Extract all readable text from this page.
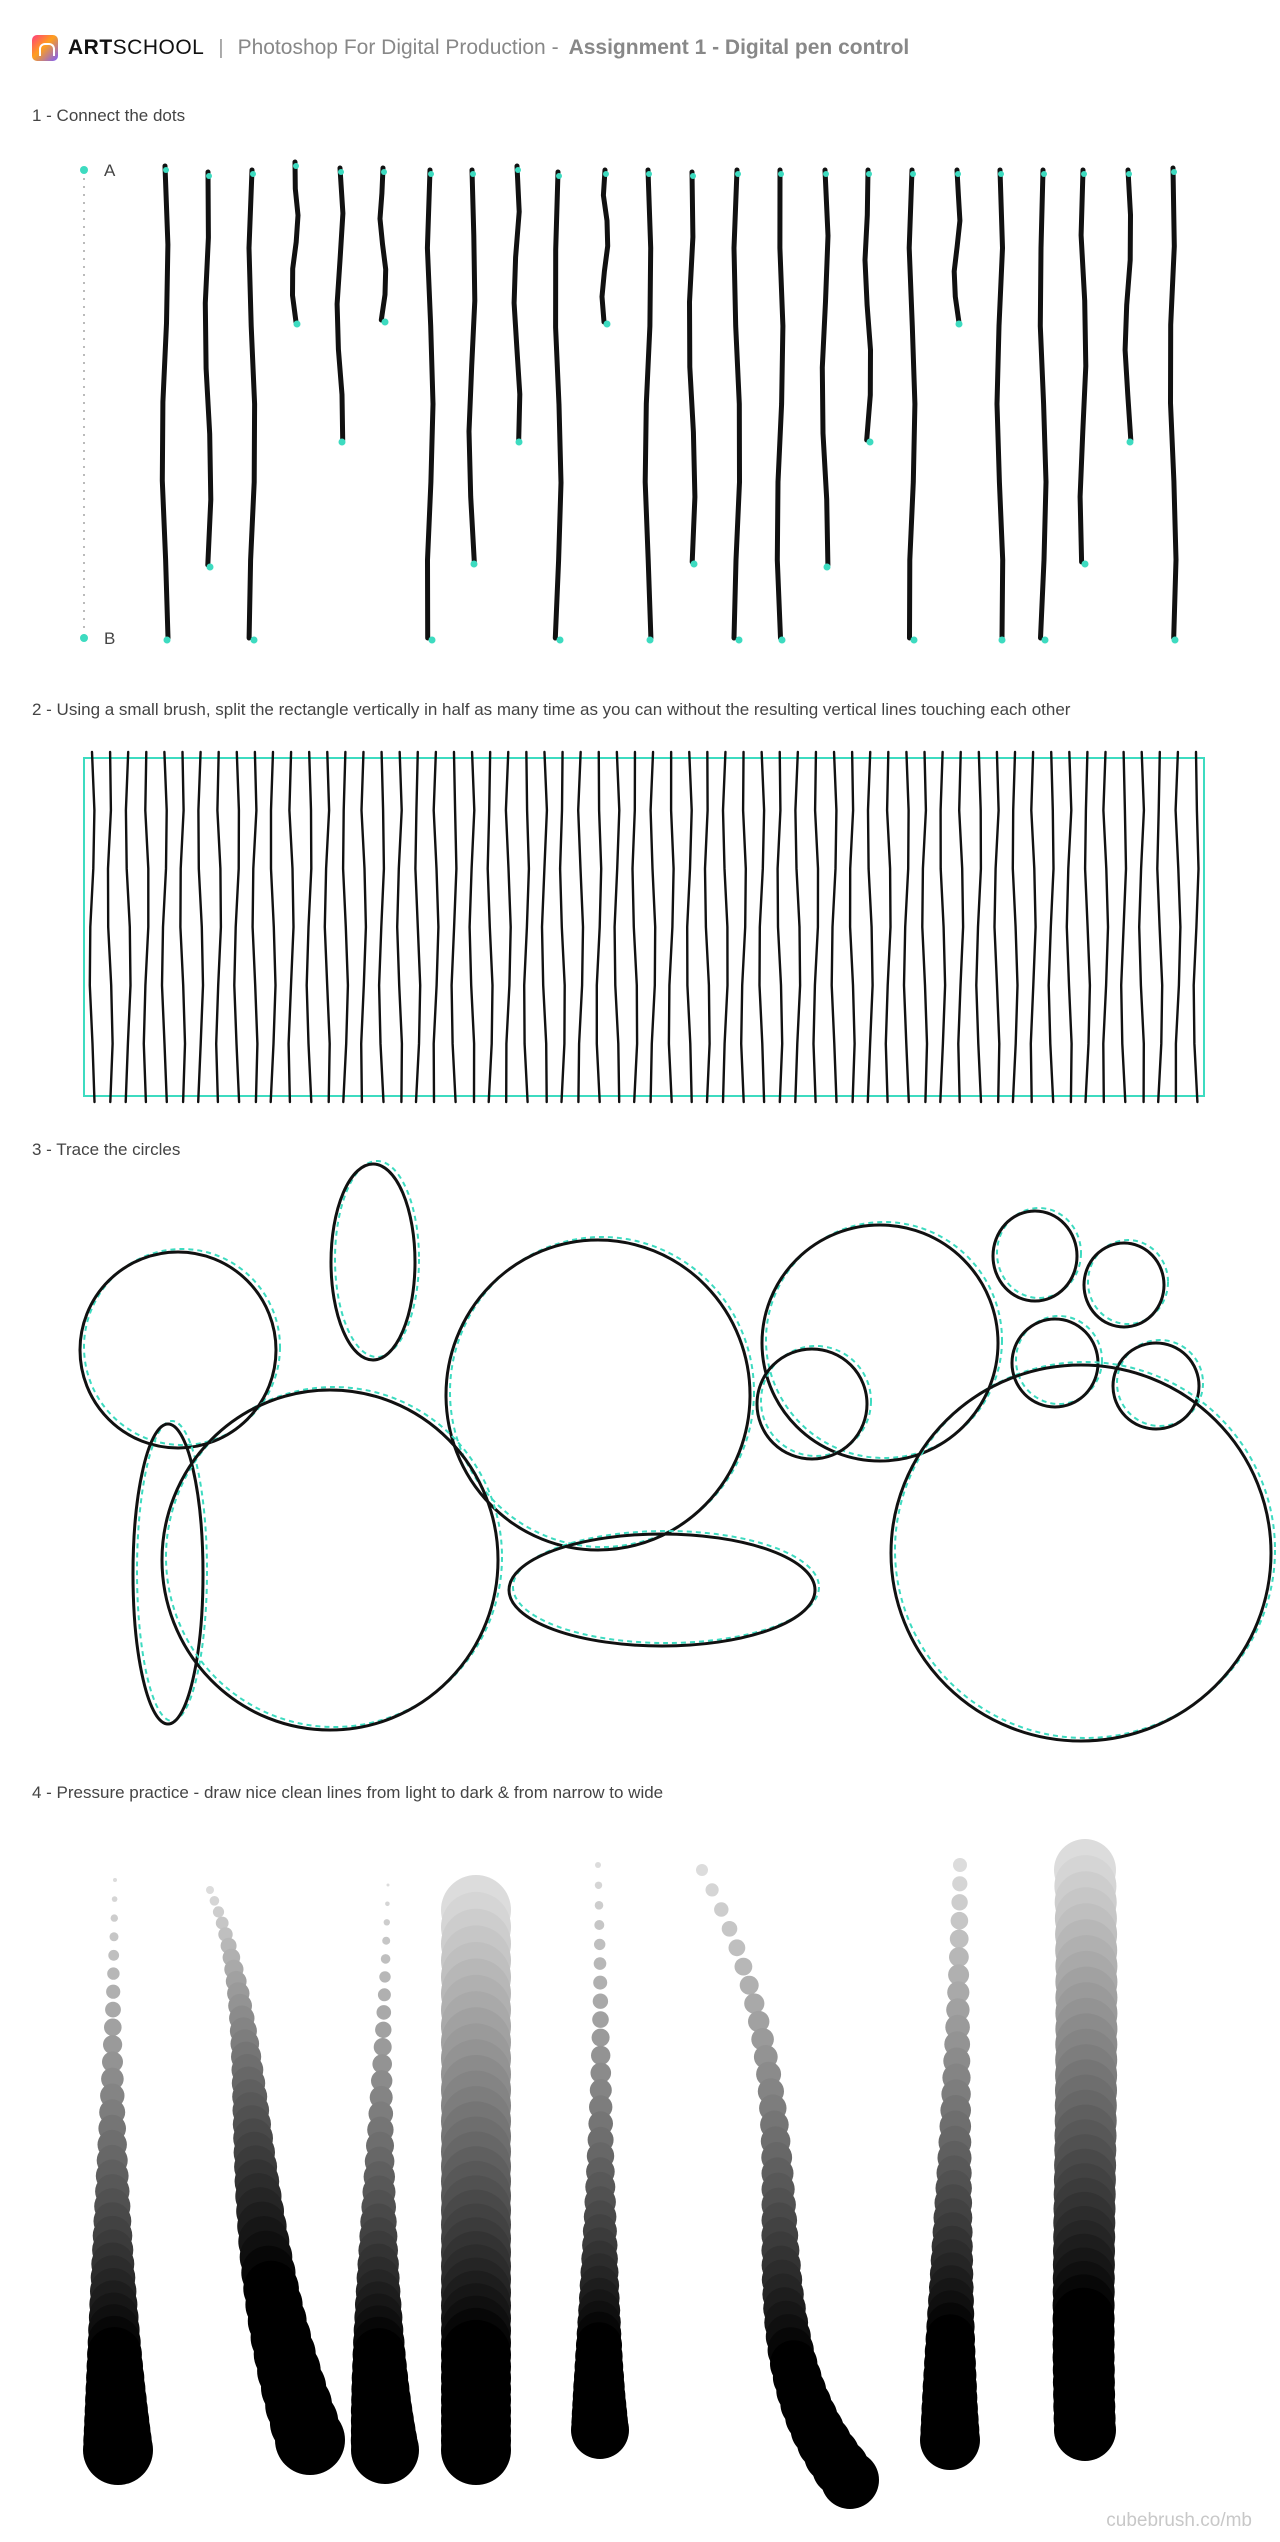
ARTSCHOOL | Photoshop For Digital Production - Assignment 1 - Digital pen control
1 - Connect the dots
A
B
2 - Using a small brush, split the rectangle vertically in half as many time as you can without the resulting vertical lines touching each other
3 - Trace the circles
4 - Pressure practice - draw nice clean lines from light to dark & from narrow to wide
cubebrush.co/mb
